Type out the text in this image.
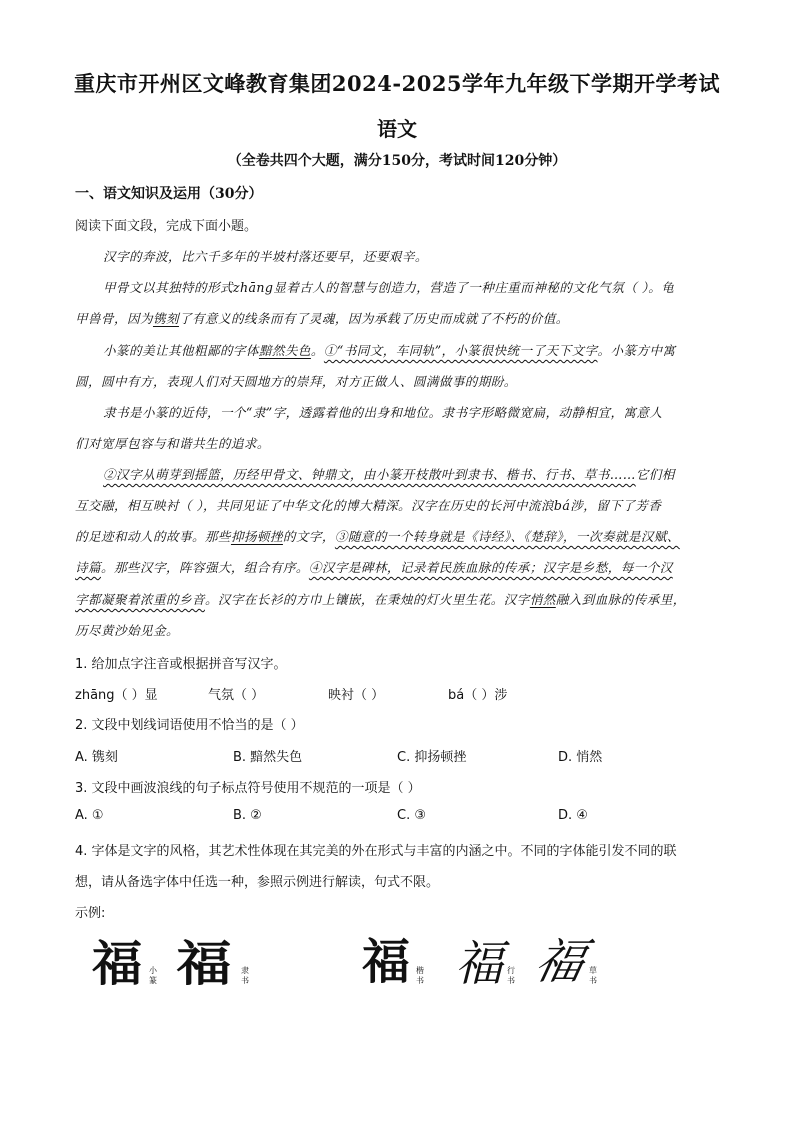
重庆市开州区文峰教育集团2024-2025学年九年级下学期开学考试
语文
（全卷共四个大题，满分150分，考试时间120分钟）
一、语文知识及运用（30分）
阅读下面文段，完成下面小题。
汉字的奔波，比六千多年的半坡村落还要早，还要艰辛。
甲骨文以其独特的形式zhāng显着古人的智慧与创造力，营造了一种庄重而神秘的文化气氛（ ）。龟
甲兽骨，因为镌刻了有意义的线条而有了灵魂，因为承载了历史而成就了不朽的价值。
小篆的美让其他粗鄙的字体黯然失色。①“书同文，车同轨”，小篆很快统一了天下文字。小篆方中寓
圆，圆中有方，表现人们对天圆地方的崇拜，对方正做人、圆满做事的期盼。
隶书是小篆的近侍，一个“隶”字，透露着他的出身和地位。隶书字形略微宽扁，动静相宜，寓意人
们对宽厚包容与和谐共生的追求。
②汉字从萌芽到摇篮，历经甲骨文、钟鼎文，由小篆开枝散叶到隶书、楷书、行书、草书……它们相
互交融，相互映衬（ ），共同见证了中华文化的博大精深。汉字在历史的长河中流浪bá涉，留下了芳香
的足迹和动人的故事。那些抑扬顿挫的文字，③随意的一个转身就是《诗经》、《楚辞》，一次奏就是汉赋、
诗篇。那些汉字，阵容强大，组合有序。④汉字是碑林，记录着民族血脉的传承；汉字是乡愁，每一个汉
字都凝聚着浓重的乡音。汉字在长衫的方巾上镶嵌，在秉烛的灯火里生花。汉字悄然融入到血脉的传承里，
历尽黄沙始见金。
1. 给加点字注音或根据拼音写汉字。
zhāng（ ）显	气氛（ ）	映衬（ ）	bá（ ）涉
2. 文段中划线词语使用不恰当的是（ ）
A. 镌刻	B. 黯然失色	C. 抑扬顿挫	D. 悄然
3. 文段中画波浪线的句子标点符号使用不规范的一项是（ ）
A. ①	B. ②	C. ③	D. ④
4. 字体是文字的风格，其艺术性体现在其完美的外在形式与丰富的内涵之中。不同的字体能引发不同的联
想，请从备选字体中任选一种，参照示例进行解读，句式不限。
示例:
福 小篆 福 隶书 福 楷书 福 行书 福 草书
